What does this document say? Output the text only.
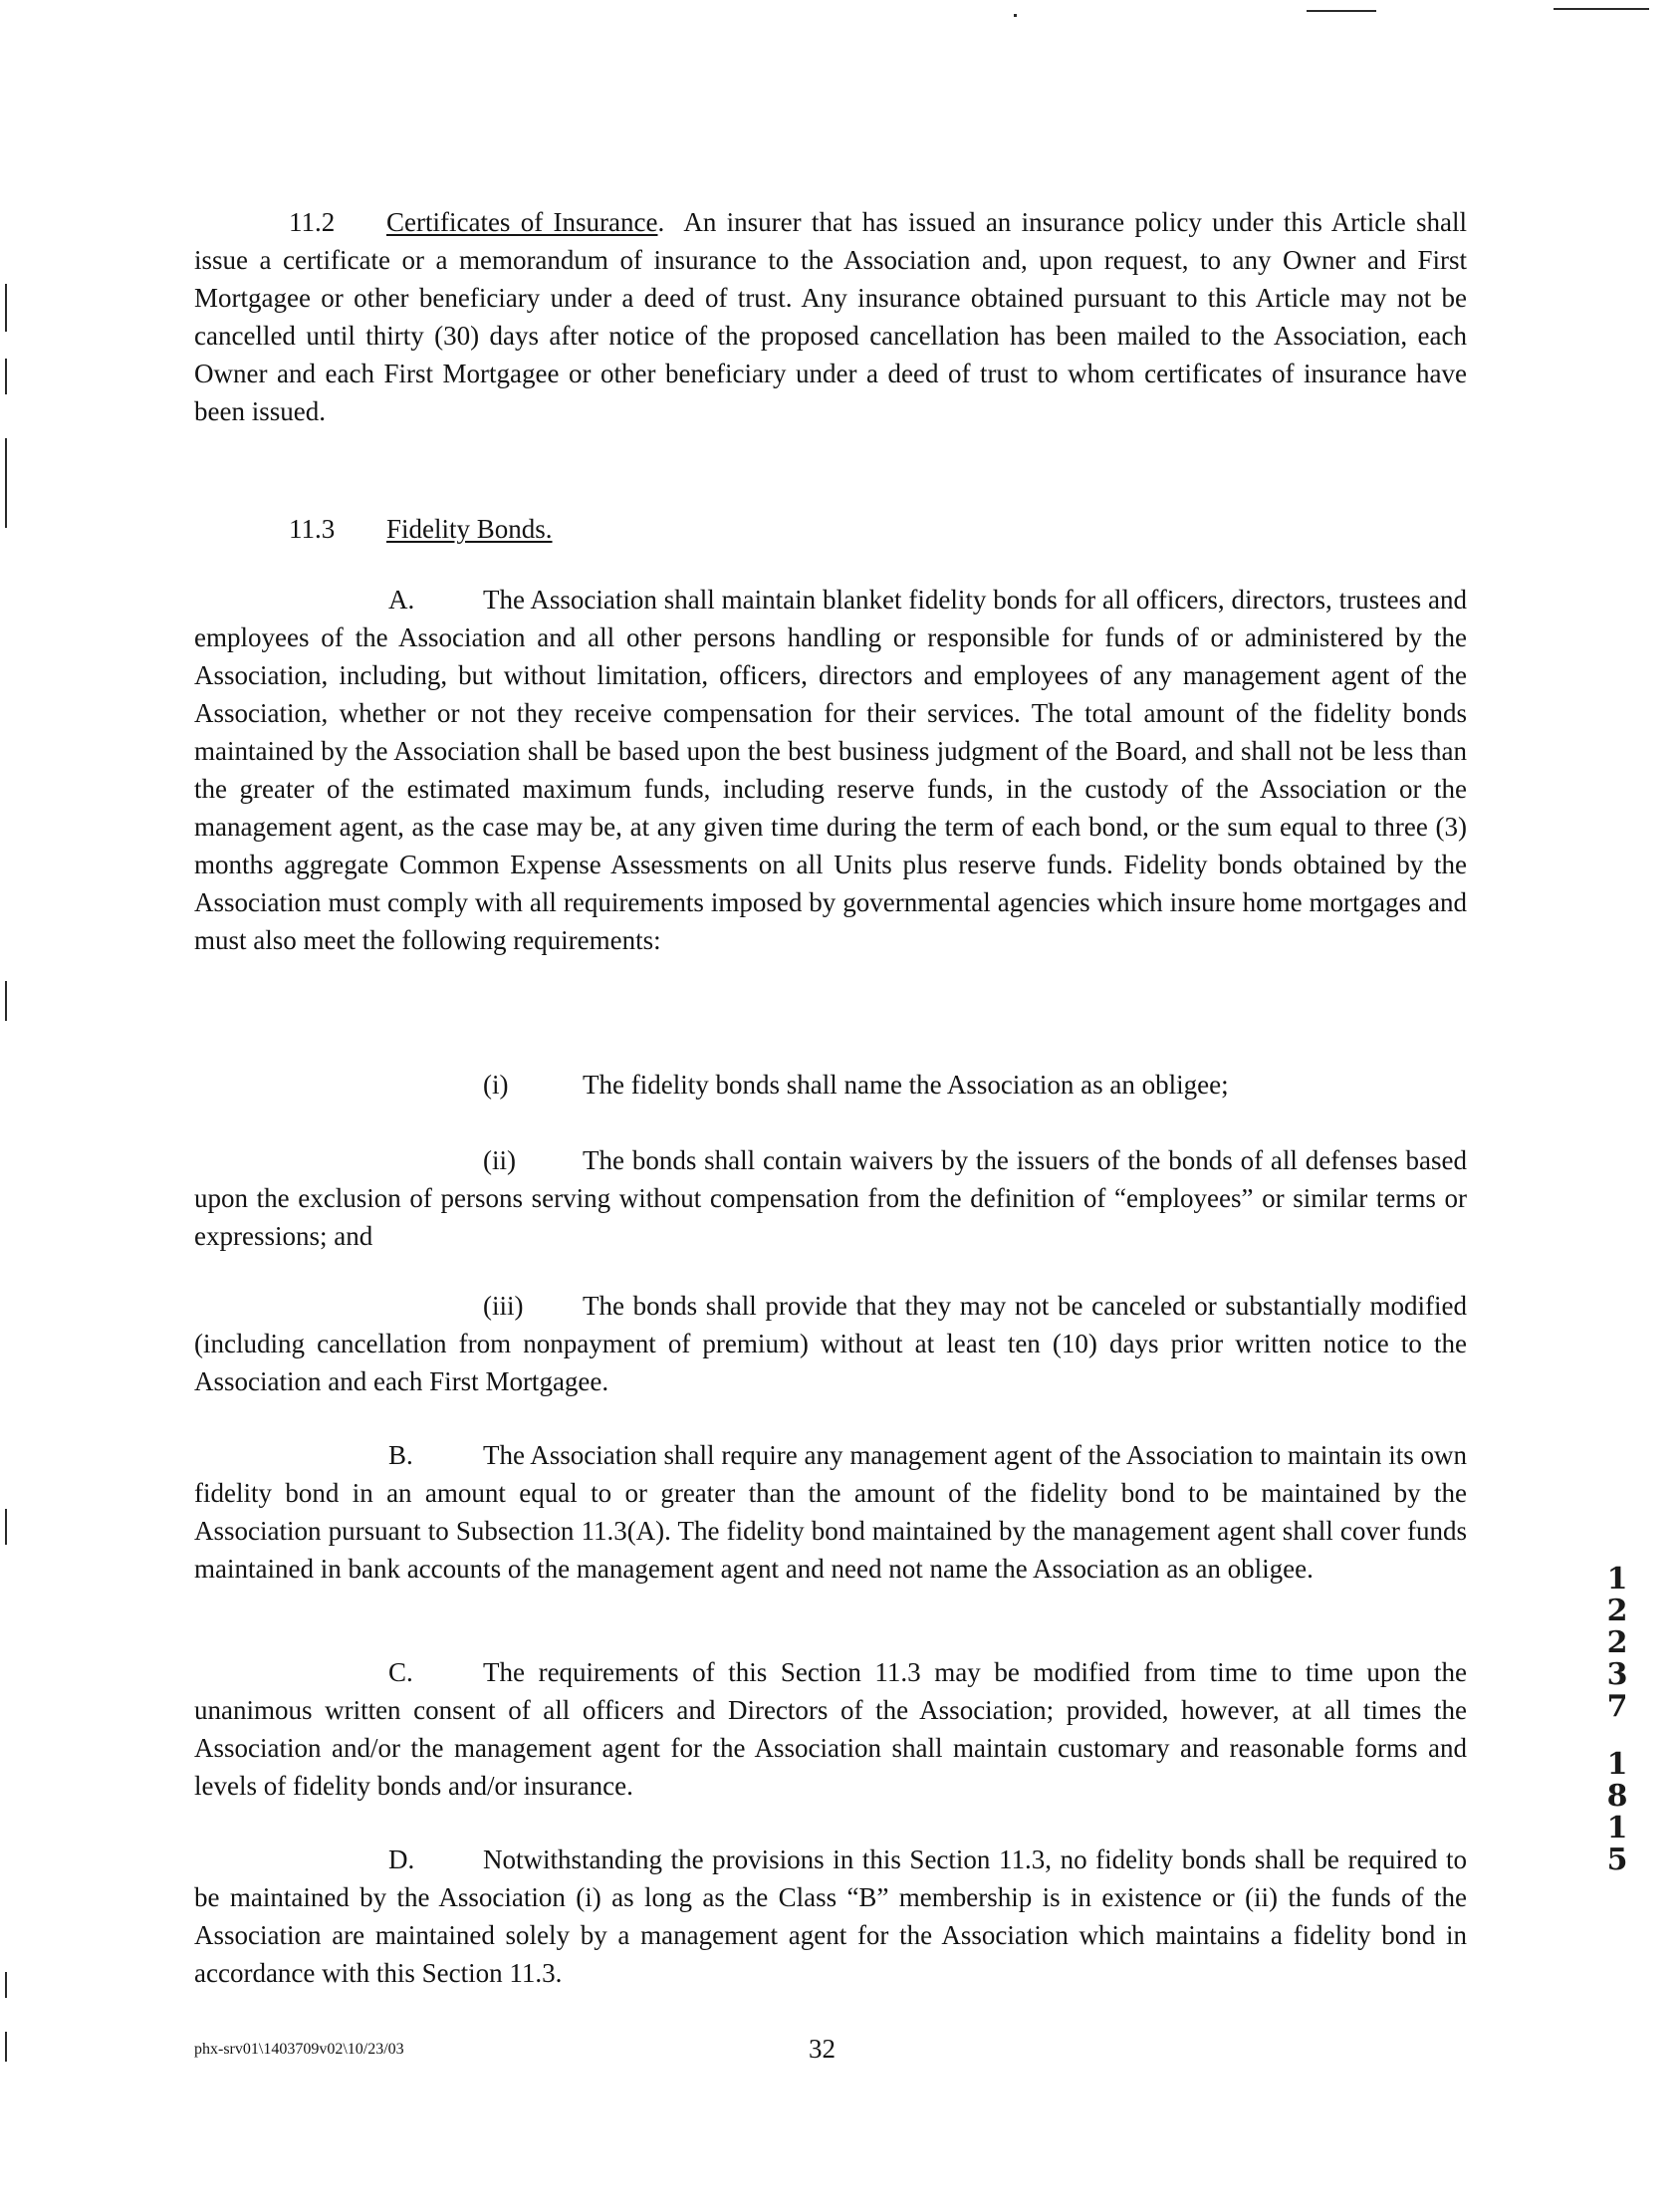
11.2 Certificates of Insurance.  An insurer that has issued an insurance policy under this Article shall issue a certificate or a memorandum of insurance to the Association and, upon request, to any Owner and First Mortgagee or other beneficiary under a deed of trust. Any insurance obtained pursuant to this Article may not be cancelled until thirty (30) days after notice of the proposed cancellation has been mailed to the Association, each Owner and each First Mortgagee or other beneficiary under a deed of trust to whom certificates of insurance have been issued.

11.3 Fidelity Bonds.

A.	The Association shall maintain blanket fidelity bonds for all officers, directors, trustees and employees of the Association and all other persons handling or responsible for funds of or administered by the Association, including, but without limitation, officers, directors and employees of any management agent of the Association, whether or not they receive compensation for their services. The total amount of the fidelity bonds maintained by the Association shall be based upon the best business judgment of the Board, and shall not be less than the greater of the estimated maximum funds, including reserve funds, in the custody of the Association or the management agent, as the case may be, at any given time during the term of each bond, or the sum equal to three (3) months aggregate Common Expense Assessments on all Units plus reserve funds. Fidelity bonds obtained by the Association must comply with all requirements imposed by governmental agencies which insure home mortgages and must also meet the following requirements:

(i)	The fidelity bonds shall name the Association as an obligee;

(ii) The bonds shall contain waivers by the issuers of the bonds of all defenses based upon the exclusion of persons serving without compensation from the definition of “employees” or similar terms or expressions; and

(iii) The bonds shall provide that they may not be canceled or substantially modified (including cancellation from nonpayment of premium) without at least ten (10) days prior written notice to the Association and each First Mortgagee.

B.	The Association shall require any management agent of the Association to maintain its own fidelity bond in an amount equal to or greater than the amount of the fidelity bond to be maintained by the Association pursuant to Subsection 11.3(A). The fidelity bond maintained by the management agent shall cover funds maintained in bank accounts of the management agent and need not name the Association as an obligee.

C.	The requirements of this Section 11.3 may be modified from time to time upon the unanimous written consent of all officers and Directors of the Association; provided, however, at all times the Association and/or the management agent for the Association shall maintain customary and reasonable forms and levels of fidelity bonds and/or insurance.

D.	Notwithstanding the provisions in this Section 11.3, no fidelity bonds shall be required to be maintained by the Association (i) as long as the Class “B” membership is in existence or (ii) the funds of the Association are maintained solely by a management agent for the Association which maintains a fidelity bond in accordance with this Section 11.3.

phx-srv01\1403709v02\10/23/03	32
1
2
2
3
7
1
8
1
5
